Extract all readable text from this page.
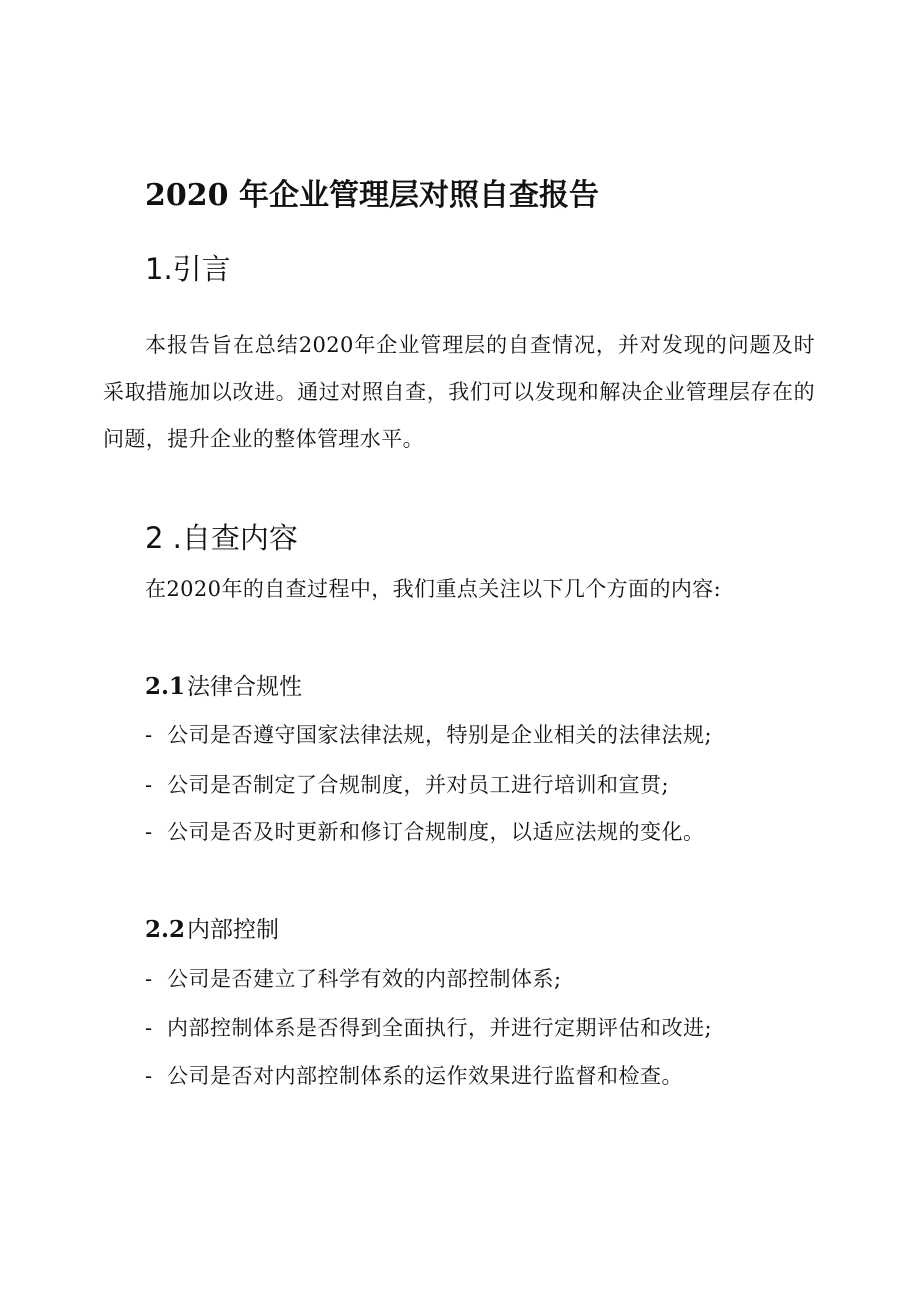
2020 年企业管理层对照自查报告
1.引言
本报告旨在总结2020年企业管理层的自查情况，并对发现的问题及时采取措施加以改进。通过对照自查，我们可以发现和解决企业管理层存在的问题，提升企业的整体管理水平。
2 .自查内容
在2020年的自查过程中，我们重点关注以下几个方面的内容:
2.1法律合规性
- 公司是否遵守国家法律法规，特别是企业相关的法律法规;
- 公司是否制定了合规制度，并对员工进行培训和宣贯;
- 公司是否及时更新和修订合规制度，以适应法规的变化。
2.2内部控制
- 公司是否建立了科学有效的内部控制体系;
- 内部控制体系是否得到全面执行，并进行定期评估和改进;
- 公司是否对内部控制体系的运作效果进行监督和检查。
